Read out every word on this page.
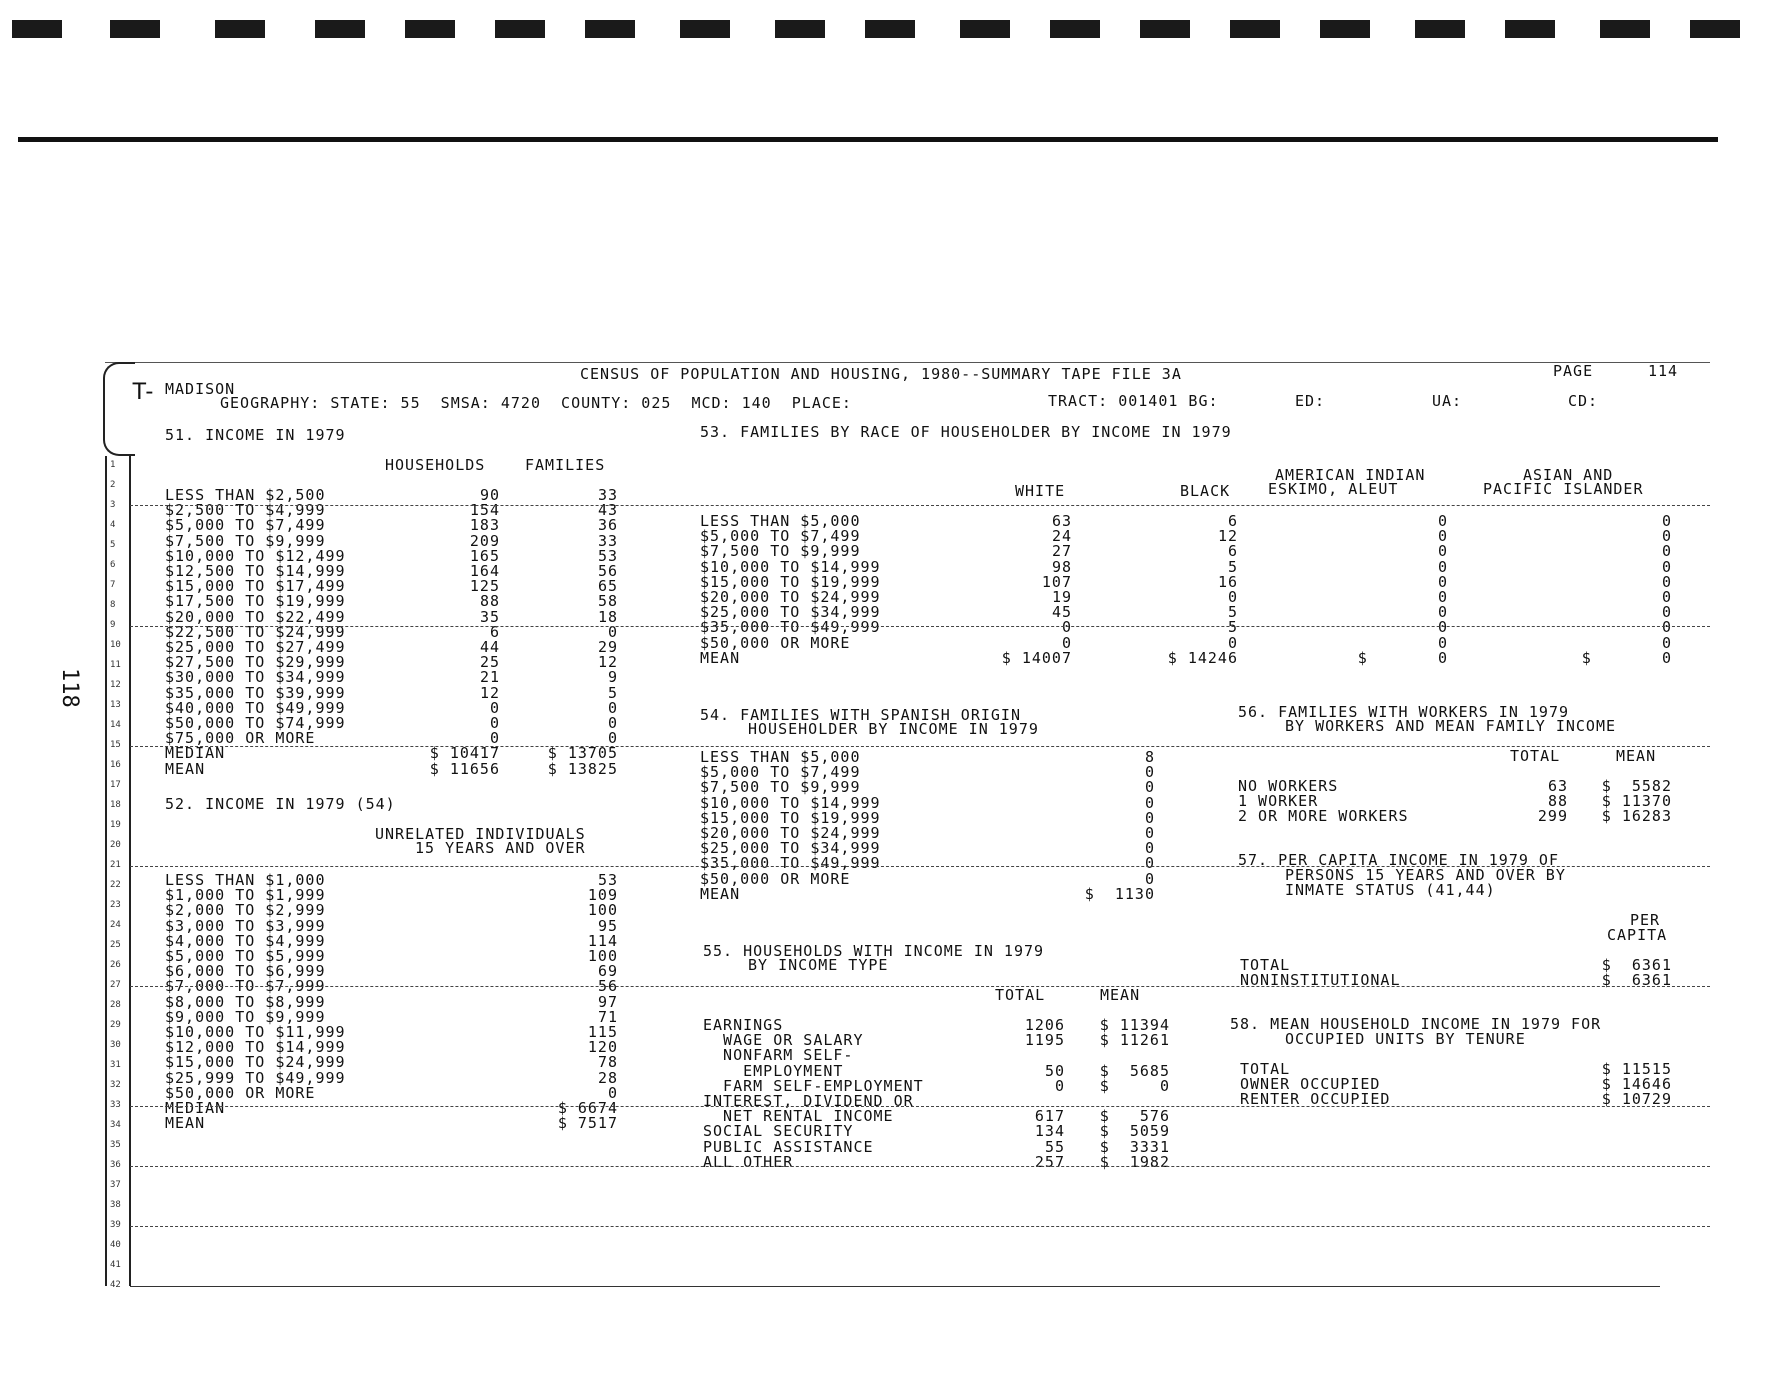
1
2
3
4
5
6
7
8
9
10
11
12
13
14
15
16
17
18
19
20
21
22
23
24
25
26
27
28
29
30
31
32
33
34
35
36
37
38
39
40
41
42
118
T- MADISON
CENSUS OF POPULATION AND HOUSING, 1980--SUMMARY TAPE FILE 3A	PAGE	114
GEOGRAPHY: STATE: 55  SMSA: 4720  COUNTY: 025  MCD: 140  PLACE:	TRACT: 001401 BG:	ED:	UA:	CD:
51. INCOME IN 1979
HOUSEHOLDS	FAMILIES
LESS THAN $2,500	90	33
$2,500 TO $4,999	154	43
$5,000 TO $7,499	183	36
$7,500 TO $9,999	209	33
$10,000 TO $12,499	165	53
$12,500 TO $14,999	164	56
$15,000 TO $17,499	125	65
$17,500 TO $19,999	88	58
$20,000 TO $22,499	35	18
$22,500 TO $24,999	6	0
$25,000 TO $27,499	44	29
$27,500 TO $29,999	25	12
$30,000 TO $34,999	21	9
$35,000 TO $39,999	12	5
$40,000 TO $49,999	0	0
$50,000 TO $74,999	0	0
$75,000 OR MORE	0	0
MEDIAN	$ 10417	$ 13705
MEAN	$ 11656	$ 13825
52. INCOME IN 1979 (54)
UNRELATED INDIVIDUALS
15 YEARS AND OVER
LESS THAN $1,000	53
$1,000 TO $1,999	109
$2,000 TO $2,999	100
$3,000 TO $3,999	95
$4,000 TO $4,999	114
$5,000 TO $5,999	100
$6,000 TO $6,999	69
$7,000 TO $7,999	56
$8,000 TO $8,999	97
$9,000 TO $9,999	71
$10,000 TO $11,999	115
$12,000 TO $14,999	120
$15,000 TO $24,999	78
$25,999 TO $49,999	28
$50,000 OR MORE	0
MEDIAN	$ 6674
MEAN	$ 7517
53. FAMILIES BY RACE OF HOUSEHOLDER BY INCOME IN 1979
WHITE	BLACK
AMERICAN INDIAN
ESKIMO, ALEUT
ASIAN AND
PACIFIC ISLANDER
LESS THAN $5,000	63	6	0	0
$5,000 TO $7,499	24	12	0	0
$7,500 TO $9,999	27	6	0	0
$10,000 TO $14,999	98	5	0	0
$15,000 TO $19,999	107	16	0	0
$20,000 TO $24,999	19	0	0	0
$25,000 TO $34,999	45	5	0	0
$35,000 TO $49,999	0	5	0	0
$50,000 OR MORE	0	0	0	0
MEAN	$ 14007	$ 14246	$       0	$       0
54. FAMILIES WITH SPANISH ORIGIN
HOUSEHOLDER BY INCOME IN 1979
LESS THAN $5,000	8
$5,000 TO $7,499	0
$7,500 TO $9,999	0
$10,000 TO $14,999	0
$15,000 TO $19,999	0
$20,000 TO $24,999	0
$25,000 TO $34,999	0
$35,000 TO $49,999	0
$50,000 OR MORE	0
MEAN	$  1130
55. HOUSEHOLDS WITH INCOME IN 1979
BY INCOME TYPE
TOTAL	MEAN
EARNINGS	1206 $ 11394
WAGE OR SALARY	1195 $ 11261
NONFARM SELF-
EMPLOYMENT	50 $  5685
FARM SELF-EMPLOYMENT	0 $     0
INTEREST, DIVIDEND OR
NET RENTAL INCOME	617 $   576
SOCIAL SECURITY	134 $  5059
PUBLIC ASSISTANCE	55 $  3331
ALL OTHER	257 $  1982
56. FAMILIES WITH WORKERS IN 1979
BY WORKERS AND MEAN FAMILY INCOME
TOTAL	MEAN
NO WORKERS	63 $  5582
1 WORKER	88 $ 11370
2 OR MORE WORKERS	299 $ 16283
57. PER CAPITA INCOME IN 1979 OF
PERSONS 15 YEARS AND OVER BY
INMATE STATUS (41,44)
PER
CAPITA
TOTAL	$  6361
NONINSTITUTIONAL	$  6361
58. MEAN HOUSEHOLD INCOME IN 1979 FOR
OCCUPIED UNITS BY TENURE
TOTAL	$ 11515
OWNER OCCUPIED	$ 14646
RENTER OCCUPIED	$ 10729
